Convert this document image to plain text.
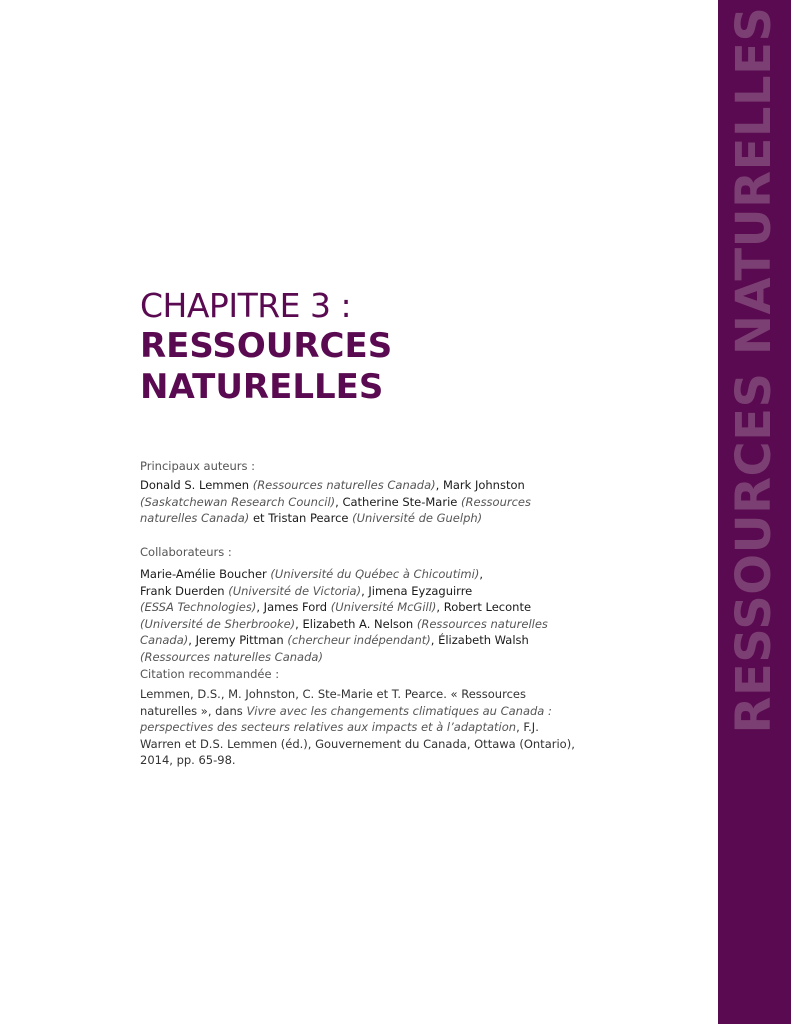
RESSOURCES NATURELLES
CHAPITRE 3 :
RESSOURCES
NATURELLES
Principaux auteurs :
Donald S. Lemmen (Ressources naturelles Canada), Mark Johnston (Saskatchewan Research Council), Catherine Ste-Marie (Ressources naturelles Canada) et Tristan Pearce (Université de Guelph)
Collaborateurs :
Marie-Amélie Boucher (Université du Québec à Chicoutimi),
Frank Duerden (Université de Victoria), Jimena Eyzaguirre
(ESSA Technologies), James Ford (Université McGill), Robert Leconte (Université de Sherbrooke), Elizabeth A. Nelson (Ressources naturelles Canada), Jeremy Pittman (chercheur indépendant), Élizabeth Walsh (Ressources naturelles Canada)
Citation recommandée :
Lemmen, D.S., M. Johnston, C. Ste-Marie et T. Pearce. « Ressources naturelles », dans Vivre avec les changements climatiques au Canada : perspectives des secteurs relatives aux impacts et à l’adaptation, F.J. Warren et D.S. Lemmen (éd.), Gouvernement du Canada, Ottawa (Ontario), 2014, pp. 65-98.
